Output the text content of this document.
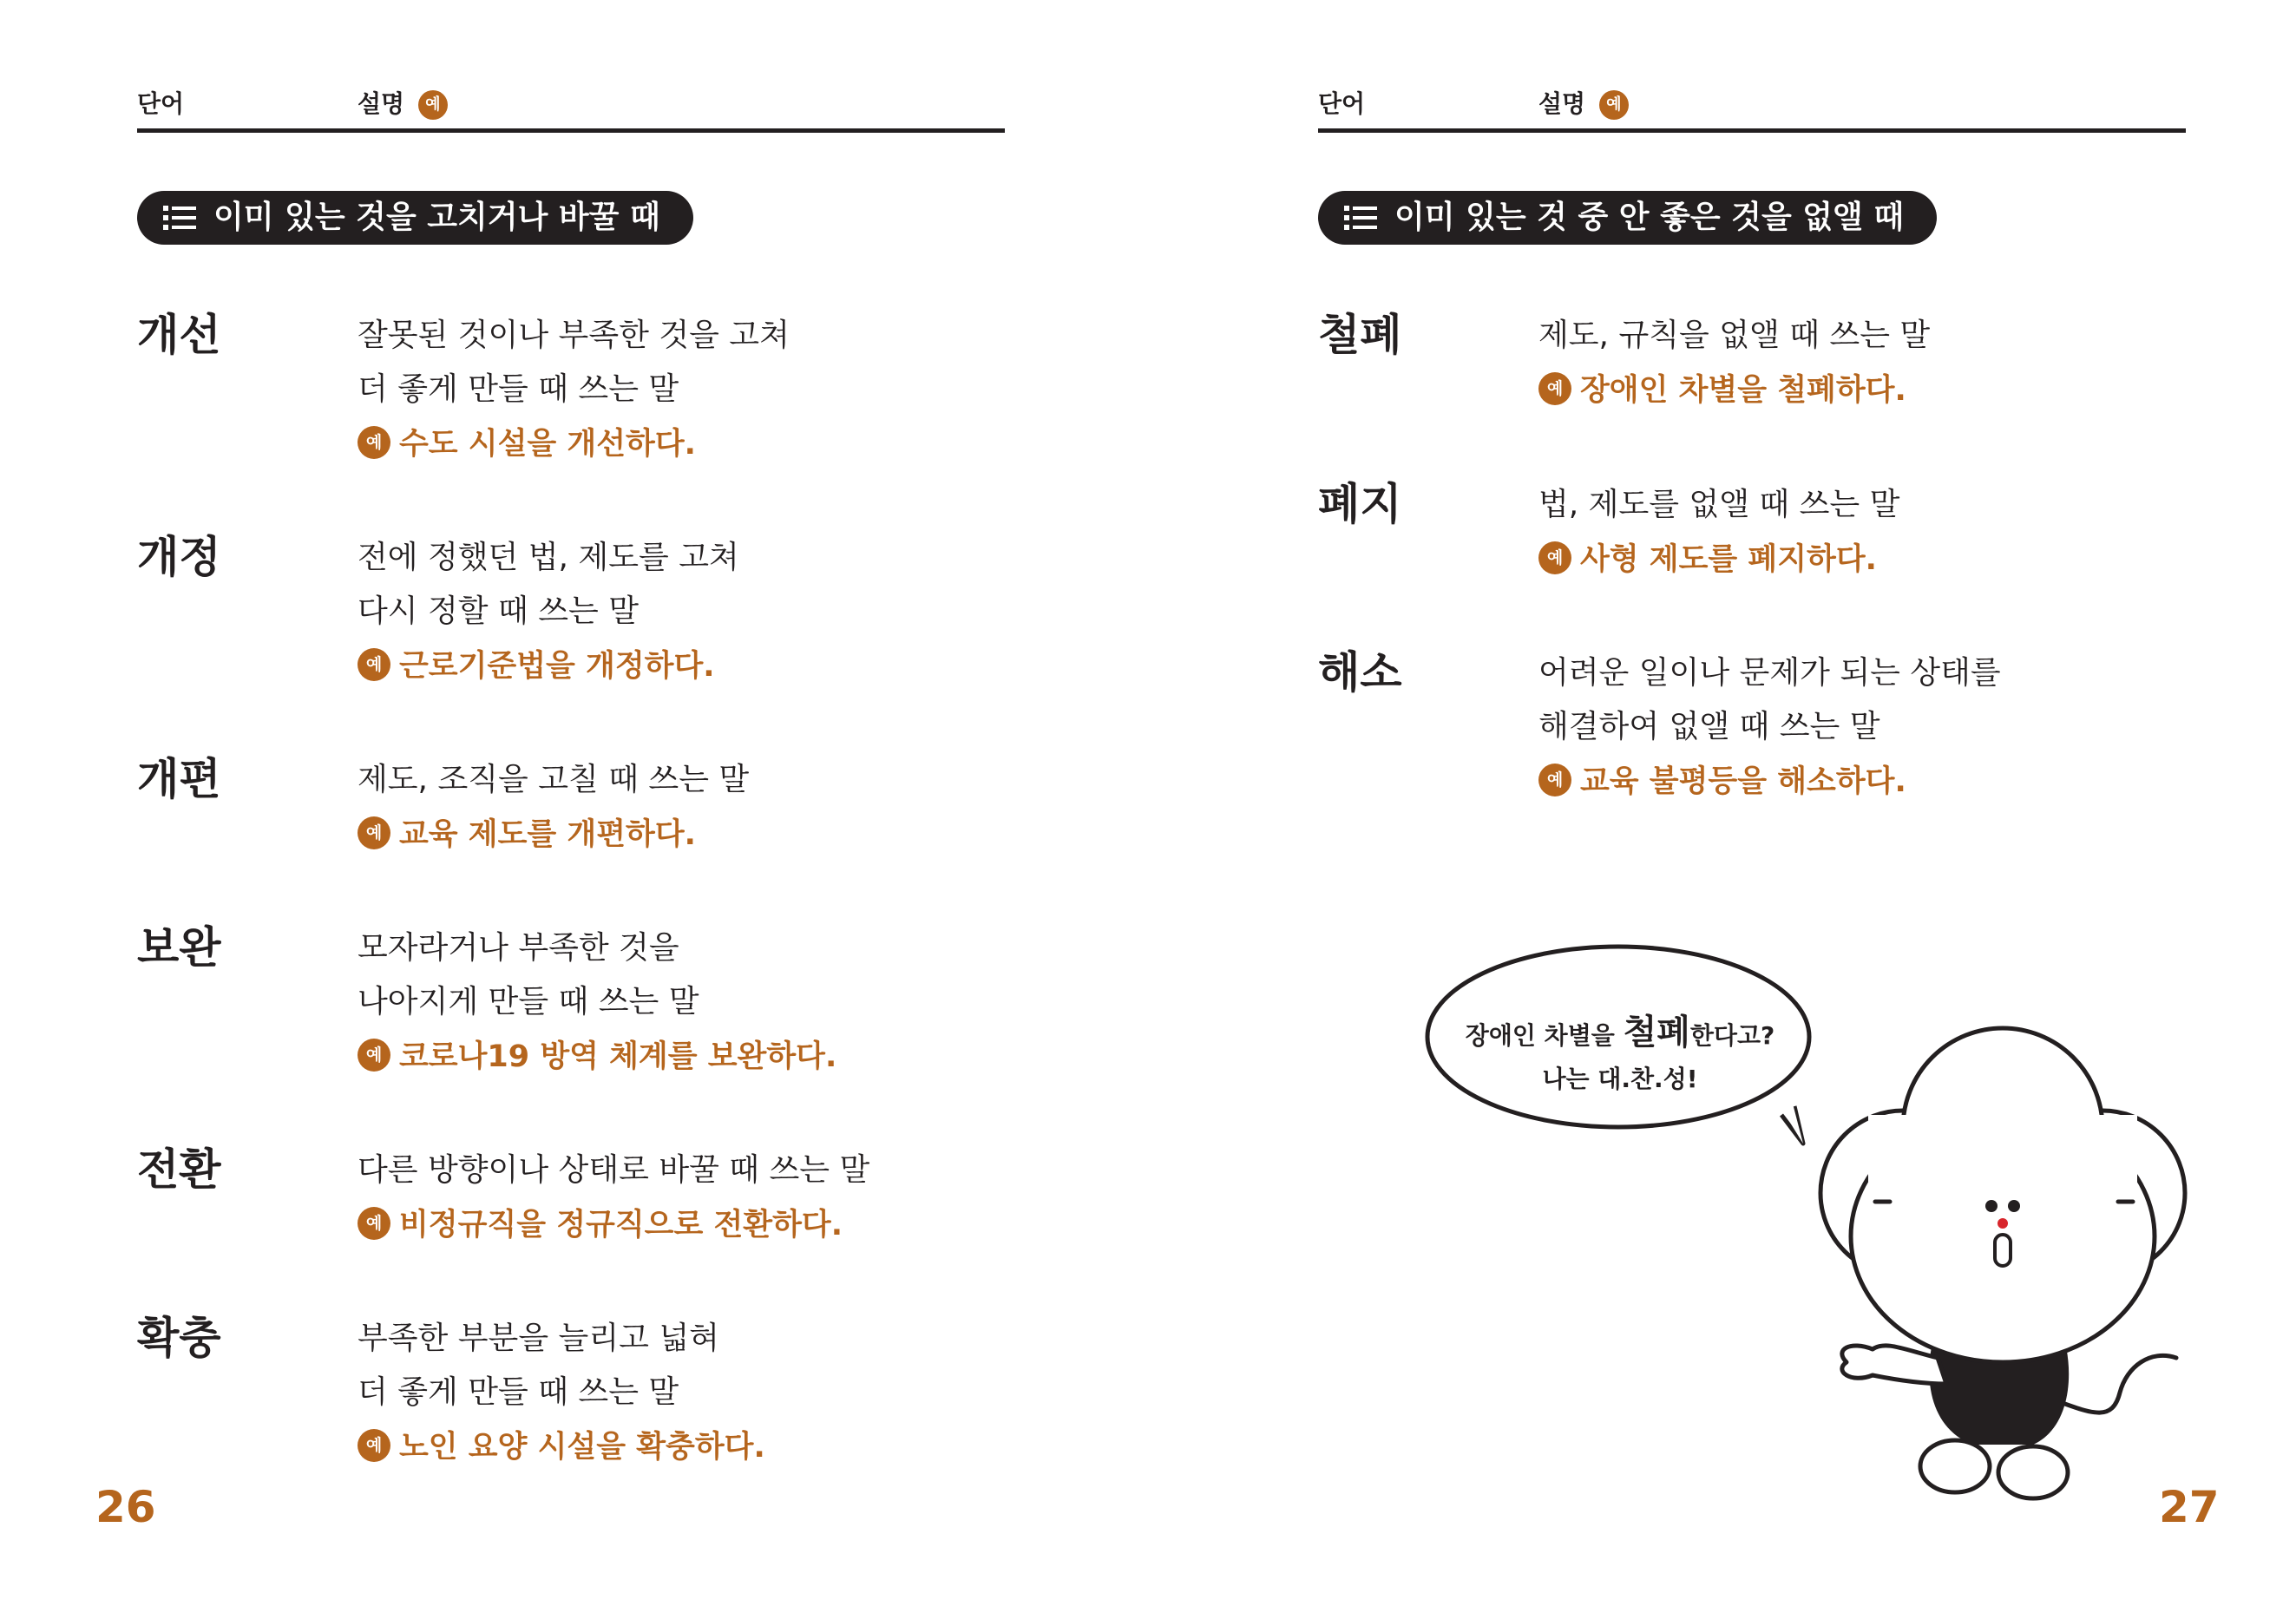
단어	설명 예
이미 있는 것을 고치거나 바꿀 때
개선	잘못된 것이나 부족한 것을 고쳐
더 좋게 만들 때 쓰는 말
예 수도 시설을 개선하다.
개정	전에 정했던 법, 제도를 고쳐
다시 정할 때 쓰는 말
예 근로기준법을 개정하다.
개편	제도, 조직을 고칠 때 쓰는 말
예 교육 제도를 개편하다.
보완	모자라거나 부족한 것을
나아지게 만들 때 쓰는 말
예 코로나19 방역 체계를 보완하다.
전환	다른 방향이나 상태로 바꿀 때 쓰는 말
예 비정규직을 정규직으로 전환하다.
확충	부족한 부분을 늘리고 넓혀
더 좋게 만들 때 쓰는 말
예 노인 요양 시설을 확충하다.
26
단어	설명 예
이미 있는 것 중 안 좋은 것을 없앨 때
철폐	제도, 규칙을 없앨 때 쓰는 말
예 장애인 차별을 철폐하다.
폐지	법, 제도를 없앨 때 쓰는 말
예 사형 제도를 폐지하다.
해소	어려운 일이나 문제가 되는 상태를
해결하여 없앨 때 쓰는 말
예 교육 불평등을 해소하다.
장애인 차별을 철폐한다고?
나는 대.찬.성!
27
